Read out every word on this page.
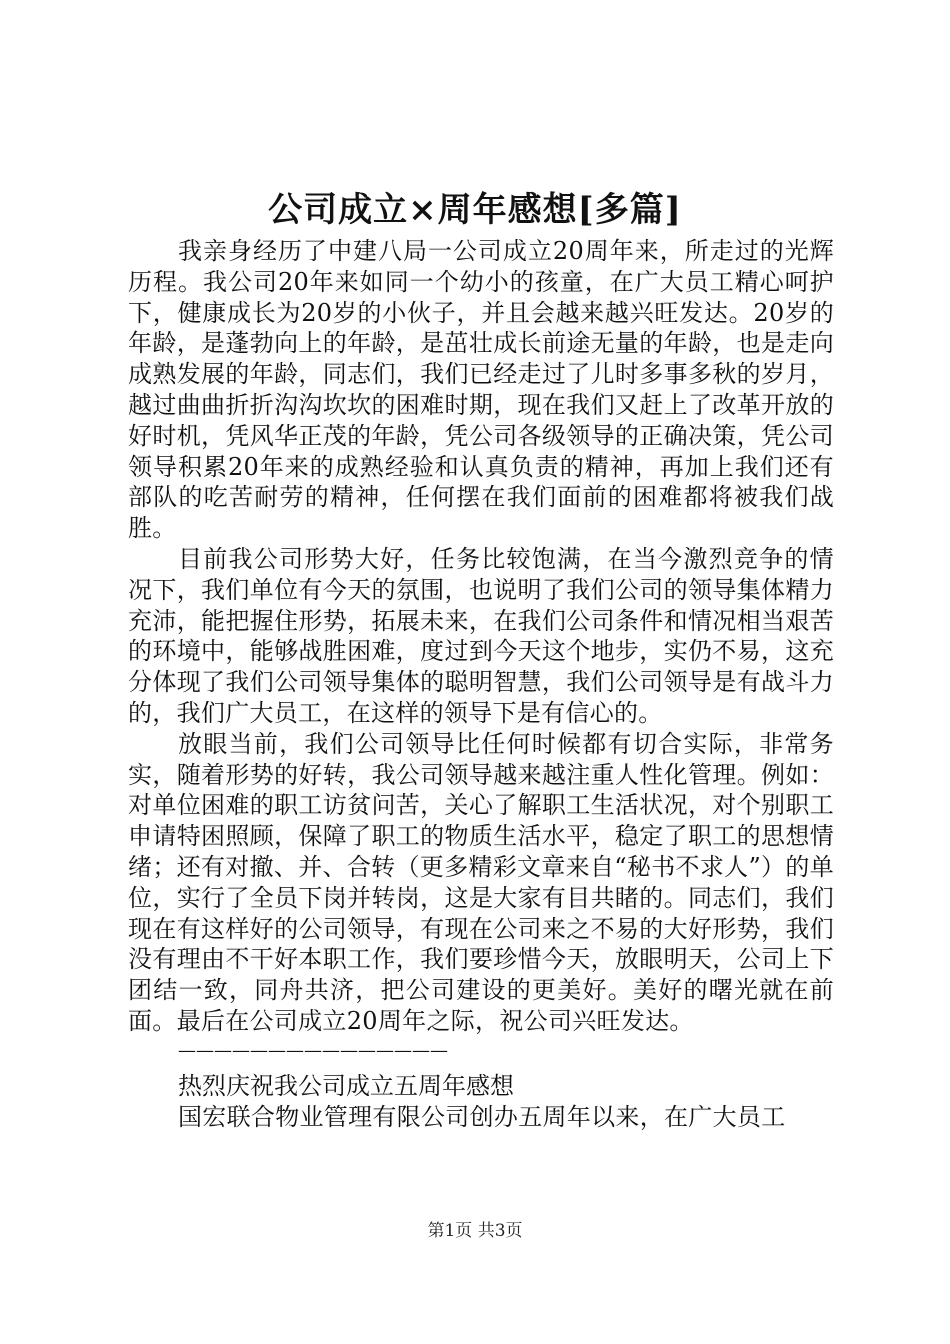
公司成立×周年感想[多篇]

我亲身经历了中建八局一公司成立20周年来，所走过的光辉历程。我公司20年来如同一个幼小的孩童，在广大员工精心呵护下，健康成长为20岁的小伙子，并且会越来越兴旺发达。20岁的年龄，是蓬勃向上的年龄，是茁壮成长前途无量的年龄，也是走向成熟发展的年龄，同志们，我们已经走过了儿时多事多秋的岁月，越过曲曲折折沟沟坎坎的困难时期，现在我们又赶上了改革开放的好时机，凭风华正茂的年龄，凭公司各级领导的正确决策，凭公司领导积累20年来的成熟经验和认真负责的精神，再加上我们还有部队的吃苦耐劳的精神，任何摆在我们面前的困难都将被我们战胜。

目前我公司形势大好，任务比较饱满，在当今激烈竞争的情况下，我们单位有今天的氛围，也说明了我们公司的领导集体精力充沛，能把握住形势，拓展未来，在我们公司条件和情况相当艰苦的环境中，能够战胜困难，度过到今天这个地步，实仍不易，这充分体现了我们公司领导集体的聪明智慧，我们公司领导是有战斗力的，我们广大员工，在这样的领导下是有信心的。

放眼当前，我们公司领导比任何时候都有切合实际，非常务实，随着形势的好转，我公司领导越来越注重人性化管理。例如：对单位困难的职工访贫问苦，关心了解职工生活状况，对个别职工申请特困照顾，保障了职工的物质生活水平，稳定了职工的思想情绪；还有对撤、并、合转（更多精彩文章来自“秘书不求人”）的单位，实行了全员下岗并转岗，这是大家有目共睹的。同志们，我们现在有这样好的公司领导，有现在公司来之不易的大好形势，我们没有理由不干好本职工作，我们要珍惜今天，放眼明天，公司上下团结一致，同舟共济，把公司建设的更美好。美好的曙光就在前面。最后在公司成立20周年之际，祝公司兴旺发达。

———————————————

热烈庆祝我公司成立五周年感想

国宏联合物业管理有限公司创办五周年以来，在广大员工

第1页 共3页
